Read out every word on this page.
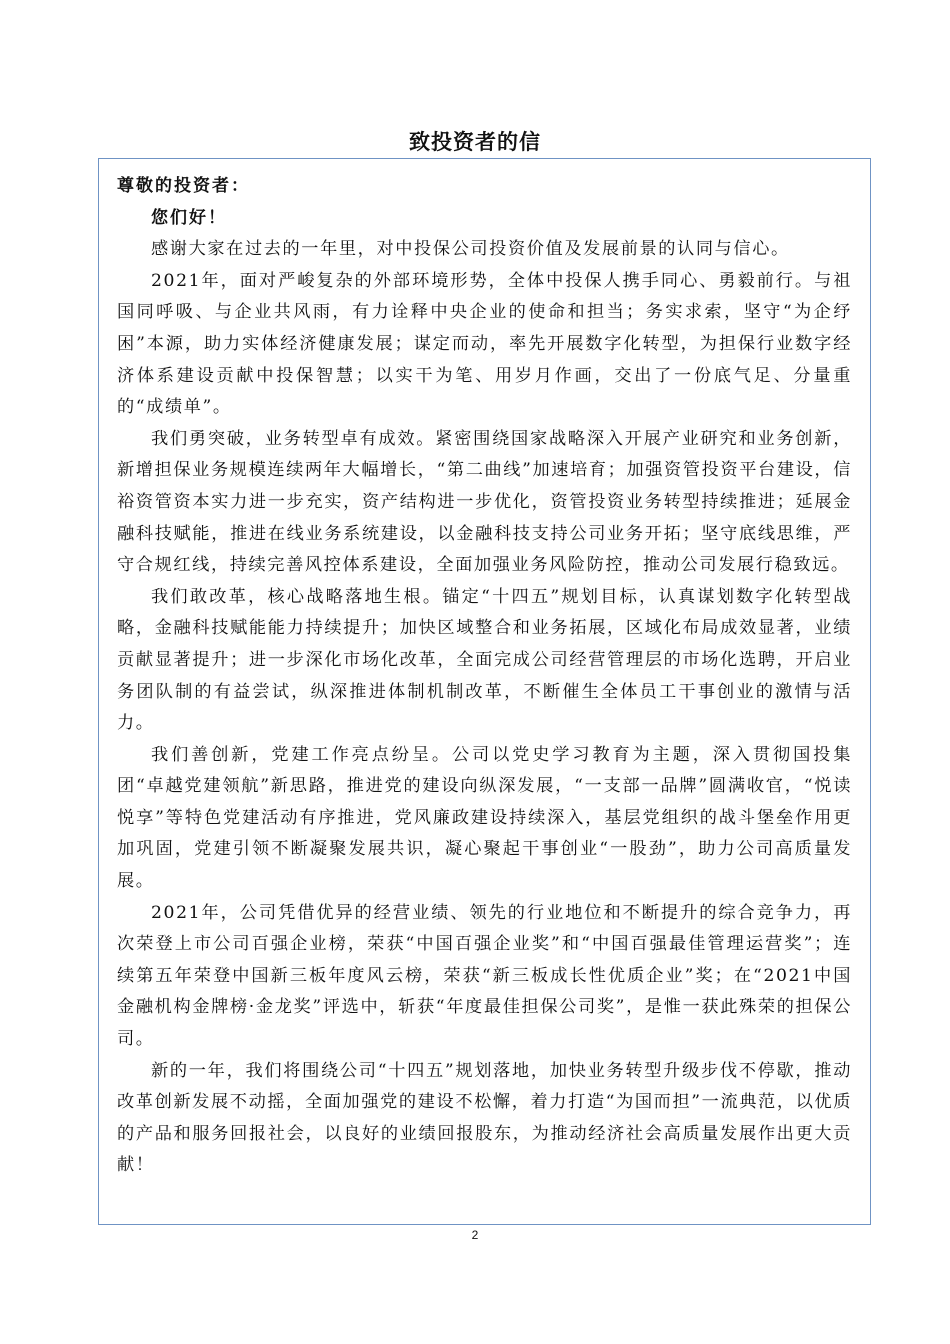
致投资者的信
尊敬的投资者：
您们好！

感谢大家在过去的一年里，对中投保公司投资价值及发展前景的认同与信心。

2021年，面对严峻复杂的外部环境形势，全体中投保人携手同心、勇毅前行。与祖国同呼吸、与企业共风雨，有力诠释中央企业的使命和担当；务实求索，坚守“为企纾困”本源，助力实体经济健康发展；谋定而动，率先开展数字化转型，为担保行业数字经济体系建设贡献中投保智慧；以实干为笔、用岁月作画，交出了一份底气足、分量重的“成绩单”。

我们勇突破，业务转型卓有成效。紧密围绕国家战略深入开展产业研究和业务创新，新增担保业务规模连续两年大幅增长，“第二曲线”加速培育；加强资管投资平台建设，信裕资管资本实力进一步充实，资产结构进一步优化，资管投资业务转型持续推进；延展金融科技赋能，推进在线业务系统建设，以金融科技支持公司业务开拓；坚守底线思维，严守合规红线，持续完善风控体系建设，全面加强业务风险防控，推动公司发展行稳致远。

我们敢改革，核心战略落地生根。锚定“十四五”规划目标，认真谋划数字化转型战略，金融科技赋能能力持续提升；加快区域整合和业务拓展，区域化布局成效显著，业绩贡献显著提升；进一步深化市场化改革，全面完成公司经营管理层的市场化选聘，开启业务团队制的有益尝试，纵深推进体制机制改革，不断催生全体员工干事创业的激情与活力。

我们善创新，党建工作亮点纷呈。公司以党史学习教育为主题，深入贯彻国投集团“卓越党建领航”新思路，推进党的建设向纵深发展，“一支部一品牌”圆满收官，“悦读悦享”等特色党建活动有序推进，党风廉政建设持续深入，基层党组织的战斗堡垒作用更加巩固，党建引领不断凝聚发展共识，凝心聚起干事创业“一股劲”，助力公司高质量发展。

2021年，公司凭借优异的经营业绩、领先的行业地位和不断提升的综合竞争力，再次荣登上市公司百强企业榜，荣获“中国百强企业奖”和“中国百强最佳管理运营奖”；连续第五年荣登中国新三板年度风云榜，荣获“新三板成长性优质企业”奖；在“2021中国金融机构金牌榜·金龙奖”评选中，斩获“年度最佳担保公司奖”，是惟一获此殊荣的担保公司。

新的一年，我们将围绕公司“十四五”规划落地，加快业务转型升级步伐不停歇，推动改革创新发展不动摇，全面加强党的建设不松懈，着力打造“为国而担”一流典范，以优质的产品和服务回报社会，以良好的业绩回报股东，为推动经济社会高质量发展作出更大贡献！

2
